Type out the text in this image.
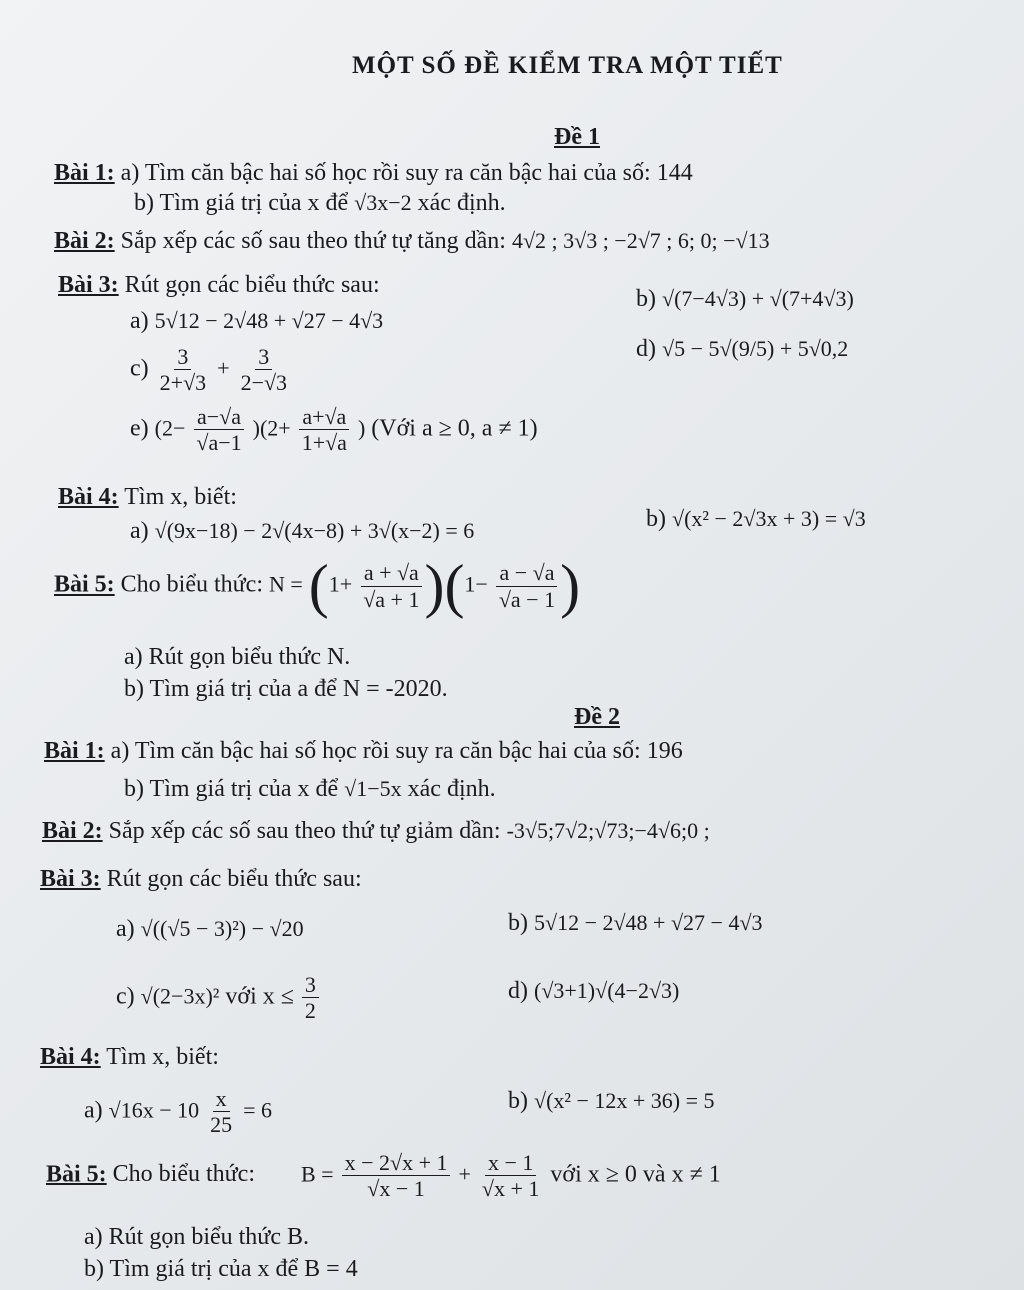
MỘT SỐ ĐỀ KIỂM TRA MỘT TIẾT
Đề 1
Bài 1: a) Tìm căn bậc hai số học rồi suy ra căn bậc hai của số: 144
b) Tìm giá trị của x để √3x−2 xác định.
Bài 2: Sắp xếp các số sau theo thứ tự tăng dần: 4√2 ; 3√3 ; −2√7 ; 6; 0; −√13
Bài 3: Rút gọn các biểu thức sau:
a) 5√12 − 2√48 + √27 − 4√3
b) √(7−4√3) + √(7+4√3)
$c) \frac{3}{2+√3} + \frac{3}{2-√3}$	d) √5 − 5√(9/5) + 5√0,2
e) $(2- \frac{a-√a}{√a-1} )(2+ \frac{a+√a}{1+√a}$ ) (Với a ≥ 0, a ≠ 1)
Bài 4: Tìm x, biết:
a) √(9x−18) − 2√(4x−8) + 3√(x−2) = 6	b) √(x² − 2√3x + 3) = √3
Bài 5: Cho biểu thức: $N = (1+ \frac{a + √a}{√a + 1} )(1- \frac{a - √a}{√a - 1}$ )
a) Rút gọn biểu thức N.
b) Tìm giá trị của a để N = -2020.
Đề 2
Bài 1: a) Tìm căn bậc hai số học rồi suy ra căn bậc hai của số: 196
b) Tìm giá trị của x để √1−5x xác định.
Bài 2: Sắp xếp các số sau theo thứ tự giảm dần: -3√5;7√2;√73;−4√6;0 ;
Bài 3: Rút gọn các biểu thức sau:
a) √((√5 − 3)²) − √20	b) 5√12 − 2√48 + √27 − 4√3
c) √(2−3x)² với $x \le \frac{3}{2}$	d) (√3+1)√(4−2√3)
Bài 4: Tìm x, biết:
a) $√16x - 10 \frac{x}{25} = 6$	b) √(x² − 12x + 36) = 5
Bài 5: Cho biểu thức: $B = \frac{x - 2√x + 1}{√x - 1} + \frac{x - 1}{√x + 1}$ với x ≥ 0 và x ≠ 1
a) Rút gọn biểu thức B.
b) Tìm giá trị của x để B = 4
